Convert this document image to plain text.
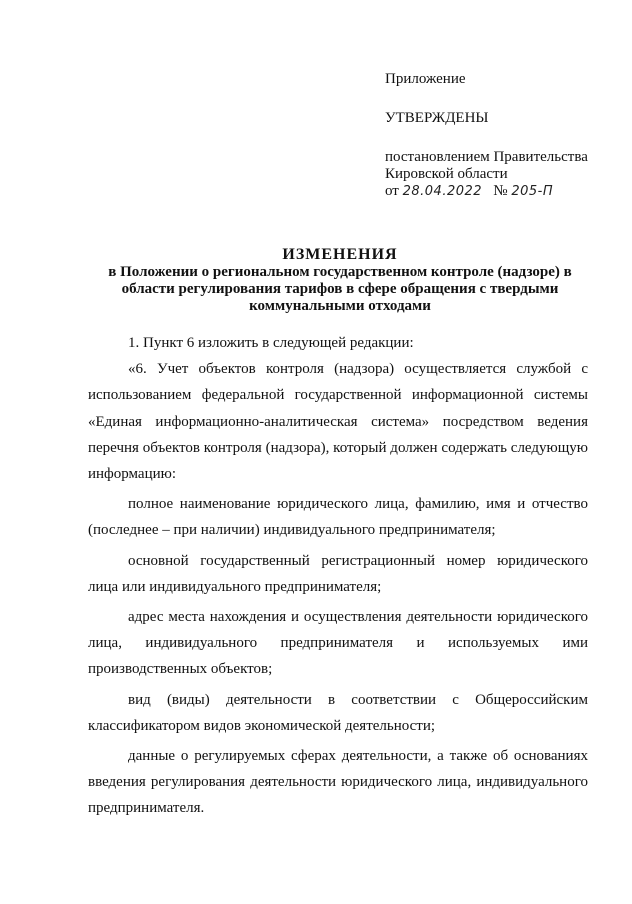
Приложение

УТВЕРЖДЕНЫ

постановлением Правительства

Кировской области

от 28.04.2022 № 205-П

ИЗМЕНЕНИЯ
в Положении о региональном государственном контроле (надзоре) в области регулирования тарифов в сфере обращения с твердыми коммунальными отходами

1. Пункт 6 изложить в следующей редакции:

«6. Учет объектов контроля (надзора) осуществляется службой с использованием федеральной государственной информационной системы «Единая информационно-аналитическая система» посредством ведения перечня объектов контроля (надзора), который должен содержать следующую информацию:

полное наименование юридического лица, фамилию, имя и отчество (последнее – при наличии) индивидуального предпринимателя;

основной государственный регистрационный номер юридического лица или индивидуального предпринимателя;

адрес места нахождения и осуществления деятельности юридического лица, индивидуального предпринимателя и используемых ими производственных объектов;

вид (виды) деятельности в соответствии с Общероссийским классификатором видов экономической деятельности;

данные о регулируемых сферах деятельности, а также об основаниях введения регулирования деятельности юридического лица, индивидуального предпринимателя.
